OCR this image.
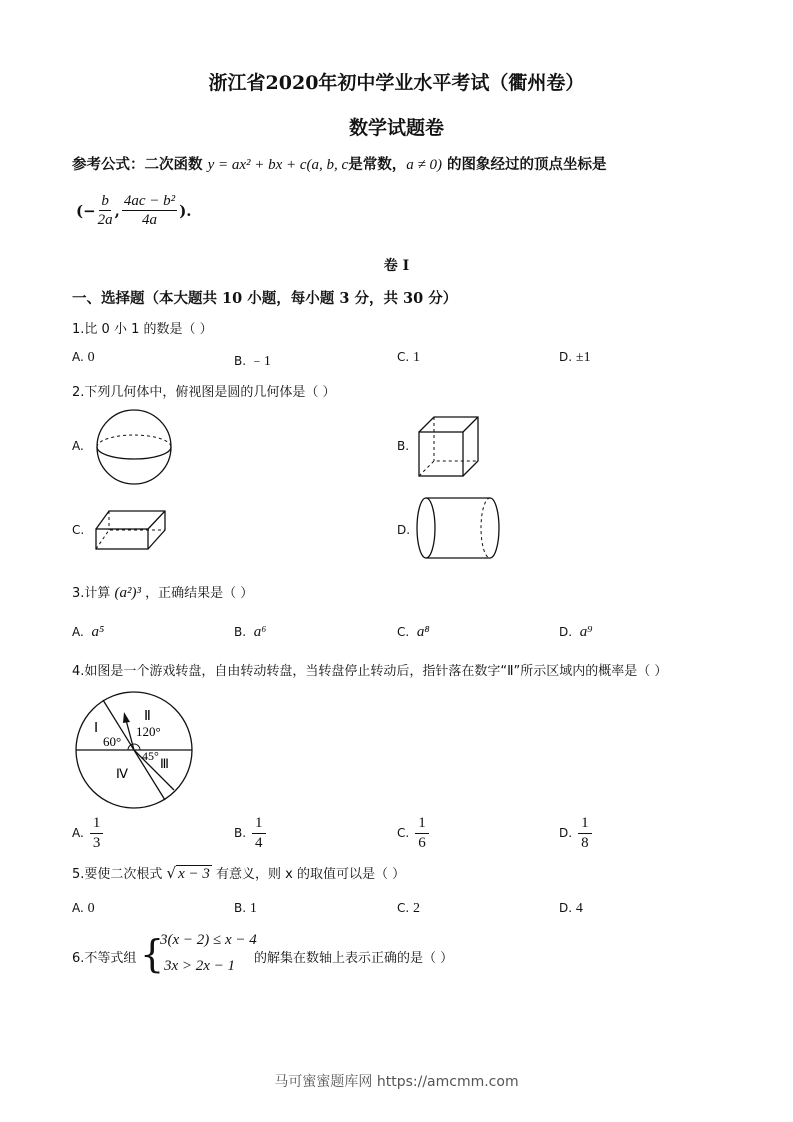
浙江省2020年初中学业水平考试（衢州卷）
数学试题卷
参考公式：二次函数 y = ax² + bx + c(a, b, c是常数，a ≠ 0) 的图象经过的顶点坐标是
(− $\frac{b}{2a}$ , $\frac{\text{4ac − b²}}{4a}$ ).
卷 I
一、选择题（本大题共 10 小题，每小题 3 分，共 30 分）
1.比 0 小 1 的数是（ ）
A. 0	B. ﹣1	C. 1	D. ±1
2.下列几何体中，俯视图是圆的几何体是（ ）
A.	B.
C.	D.
3.计算 (a²)³ ，正确结果是（ ）
A. a⁵	B. a⁶	C. a⁸	D. a⁹
4.如图是一个游戏转盘，自由转动转盘，当转盘停止转动后，指针落在数字“Ⅱ”所示区域内的概率是（ ）
Ⅰ
Ⅱ
Ⅲ
Ⅳ
60°
120°
45°
A. $\frac{1}{3}$	B. $\frac{1}{4}$	C. $\frac{1}{6}$	D. $\frac{1}{8}$
5.要使二次根式 √ x − 3 有意义，则 x 的取值可以是（ ）
A. 0	B. 1	C. 2	D. 4
6.不等式组 {
3(x − 2) ≤ x − 4
3x > 2x − 1 的解集在数轴上表示正确的是（ ）
马可蜜蜜题库网 https://amcmm.com
